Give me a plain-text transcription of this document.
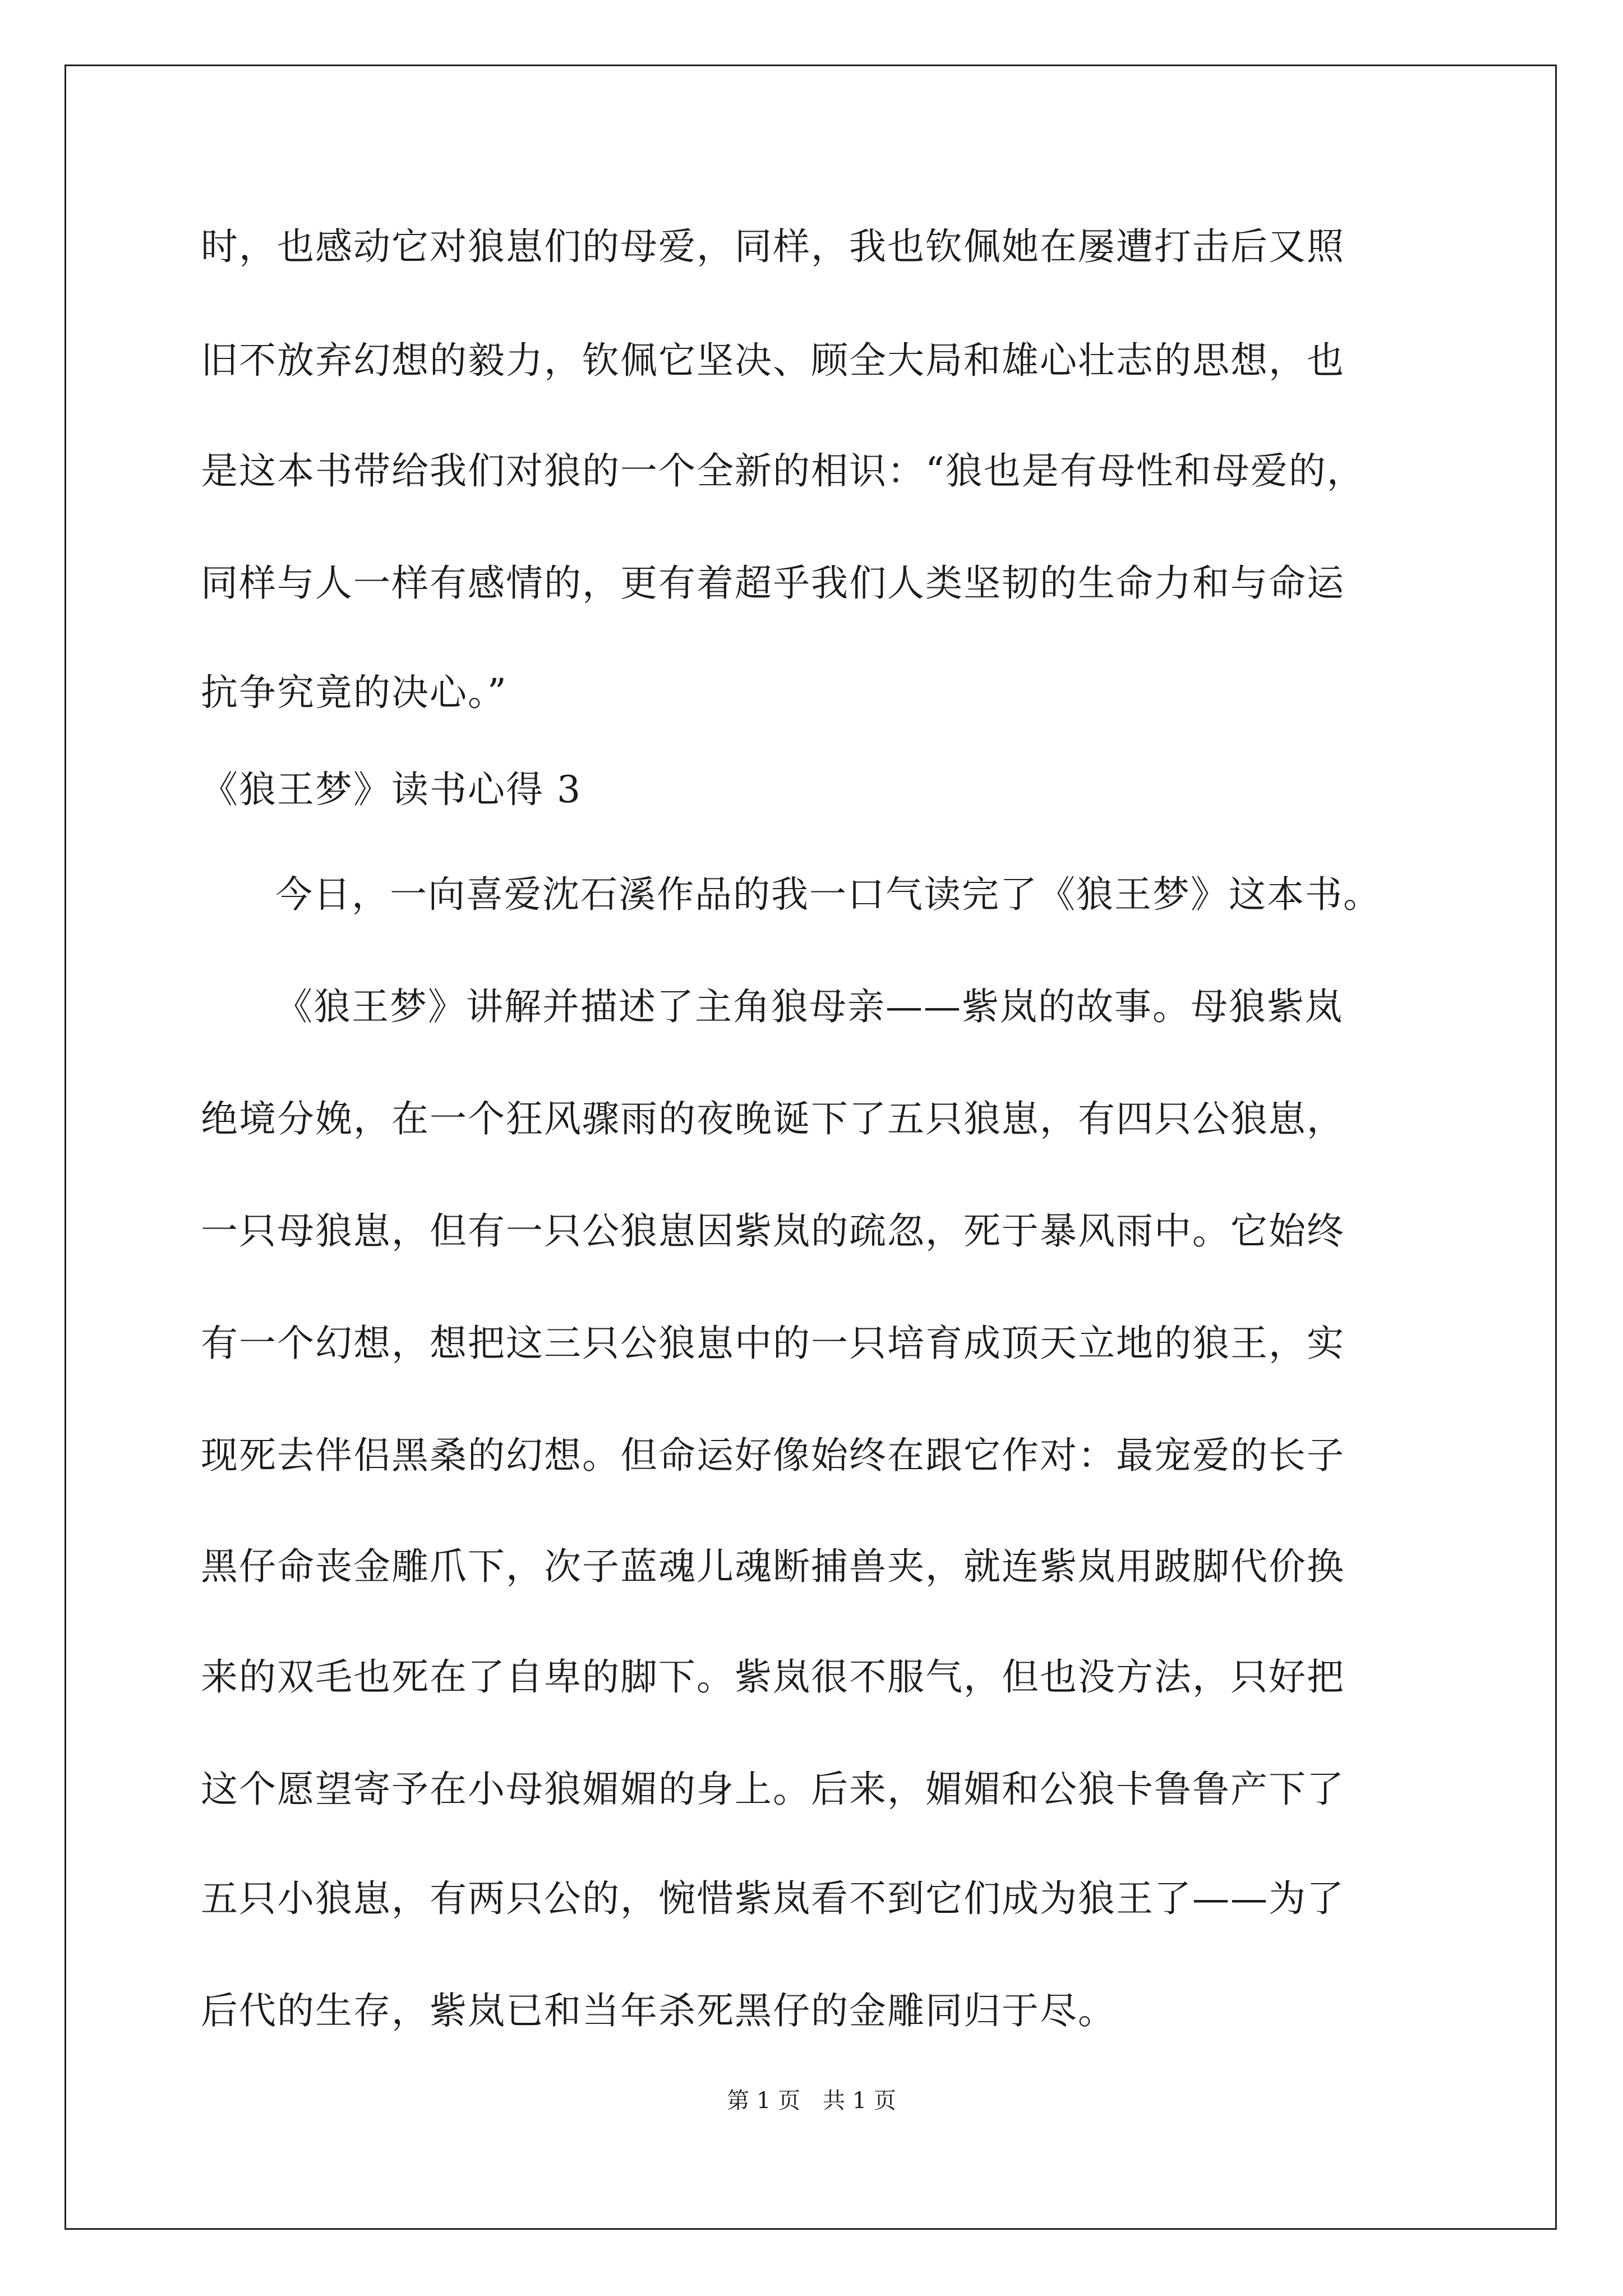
时，也感动它对狼崽们的母爱，同样，我也钦佩她在屡遭打击后又照
旧不放弃幻想的毅力，钦佩它坚决、顾全大局和雄心壮志的思想，也
是这本书带给我们对狼的一个全新的相识：“狼也是有母性和母爱的，
同样与人一样有感情的，更有着超乎我们人类坚韧的生命力和与命运
抗争究竟的决心。”
《狼王梦》读书心得 3
今日，一向喜爱沈石溪作品的我一口气读完了《狼王梦》这本书。
《狼王梦》讲解并描述了主角狼母亲——紫岚的故事。母狼紫岚
绝境分娩，在一个狂风骤雨的夜晚诞下了五只狼崽，有四只公狼崽，
一只母狼崽，但有一只公狼崽因紫岚的疏忽，死于暴风雨中。它始终
有一个幻想，想把这三只公狼崽中的一只培育成顶天立地的狼王，实
现死去伴侣黑桑的幻想。但命运好像始终在跟它作对：最宠爱的长子
黑仔命丧金雕爪下，次子蓝魂儿魂断捕兽夹，就连紫岚用跛脚代价换
来的双毛也死在了自卑的脚下。紫岚很不服气，但也没方法，只好把
这个愿望寄予在小母狼媚媚的身上。后来，媚媚和公狼卡鲁鲁产下了
五只小狼崽，有两只公的，惋惜紫岚看不到它们成为狼王了——为了
后代的生存，紫岚已和当年杀死黑仔的金雕同归于尽。
第 1 页　共 1 页
